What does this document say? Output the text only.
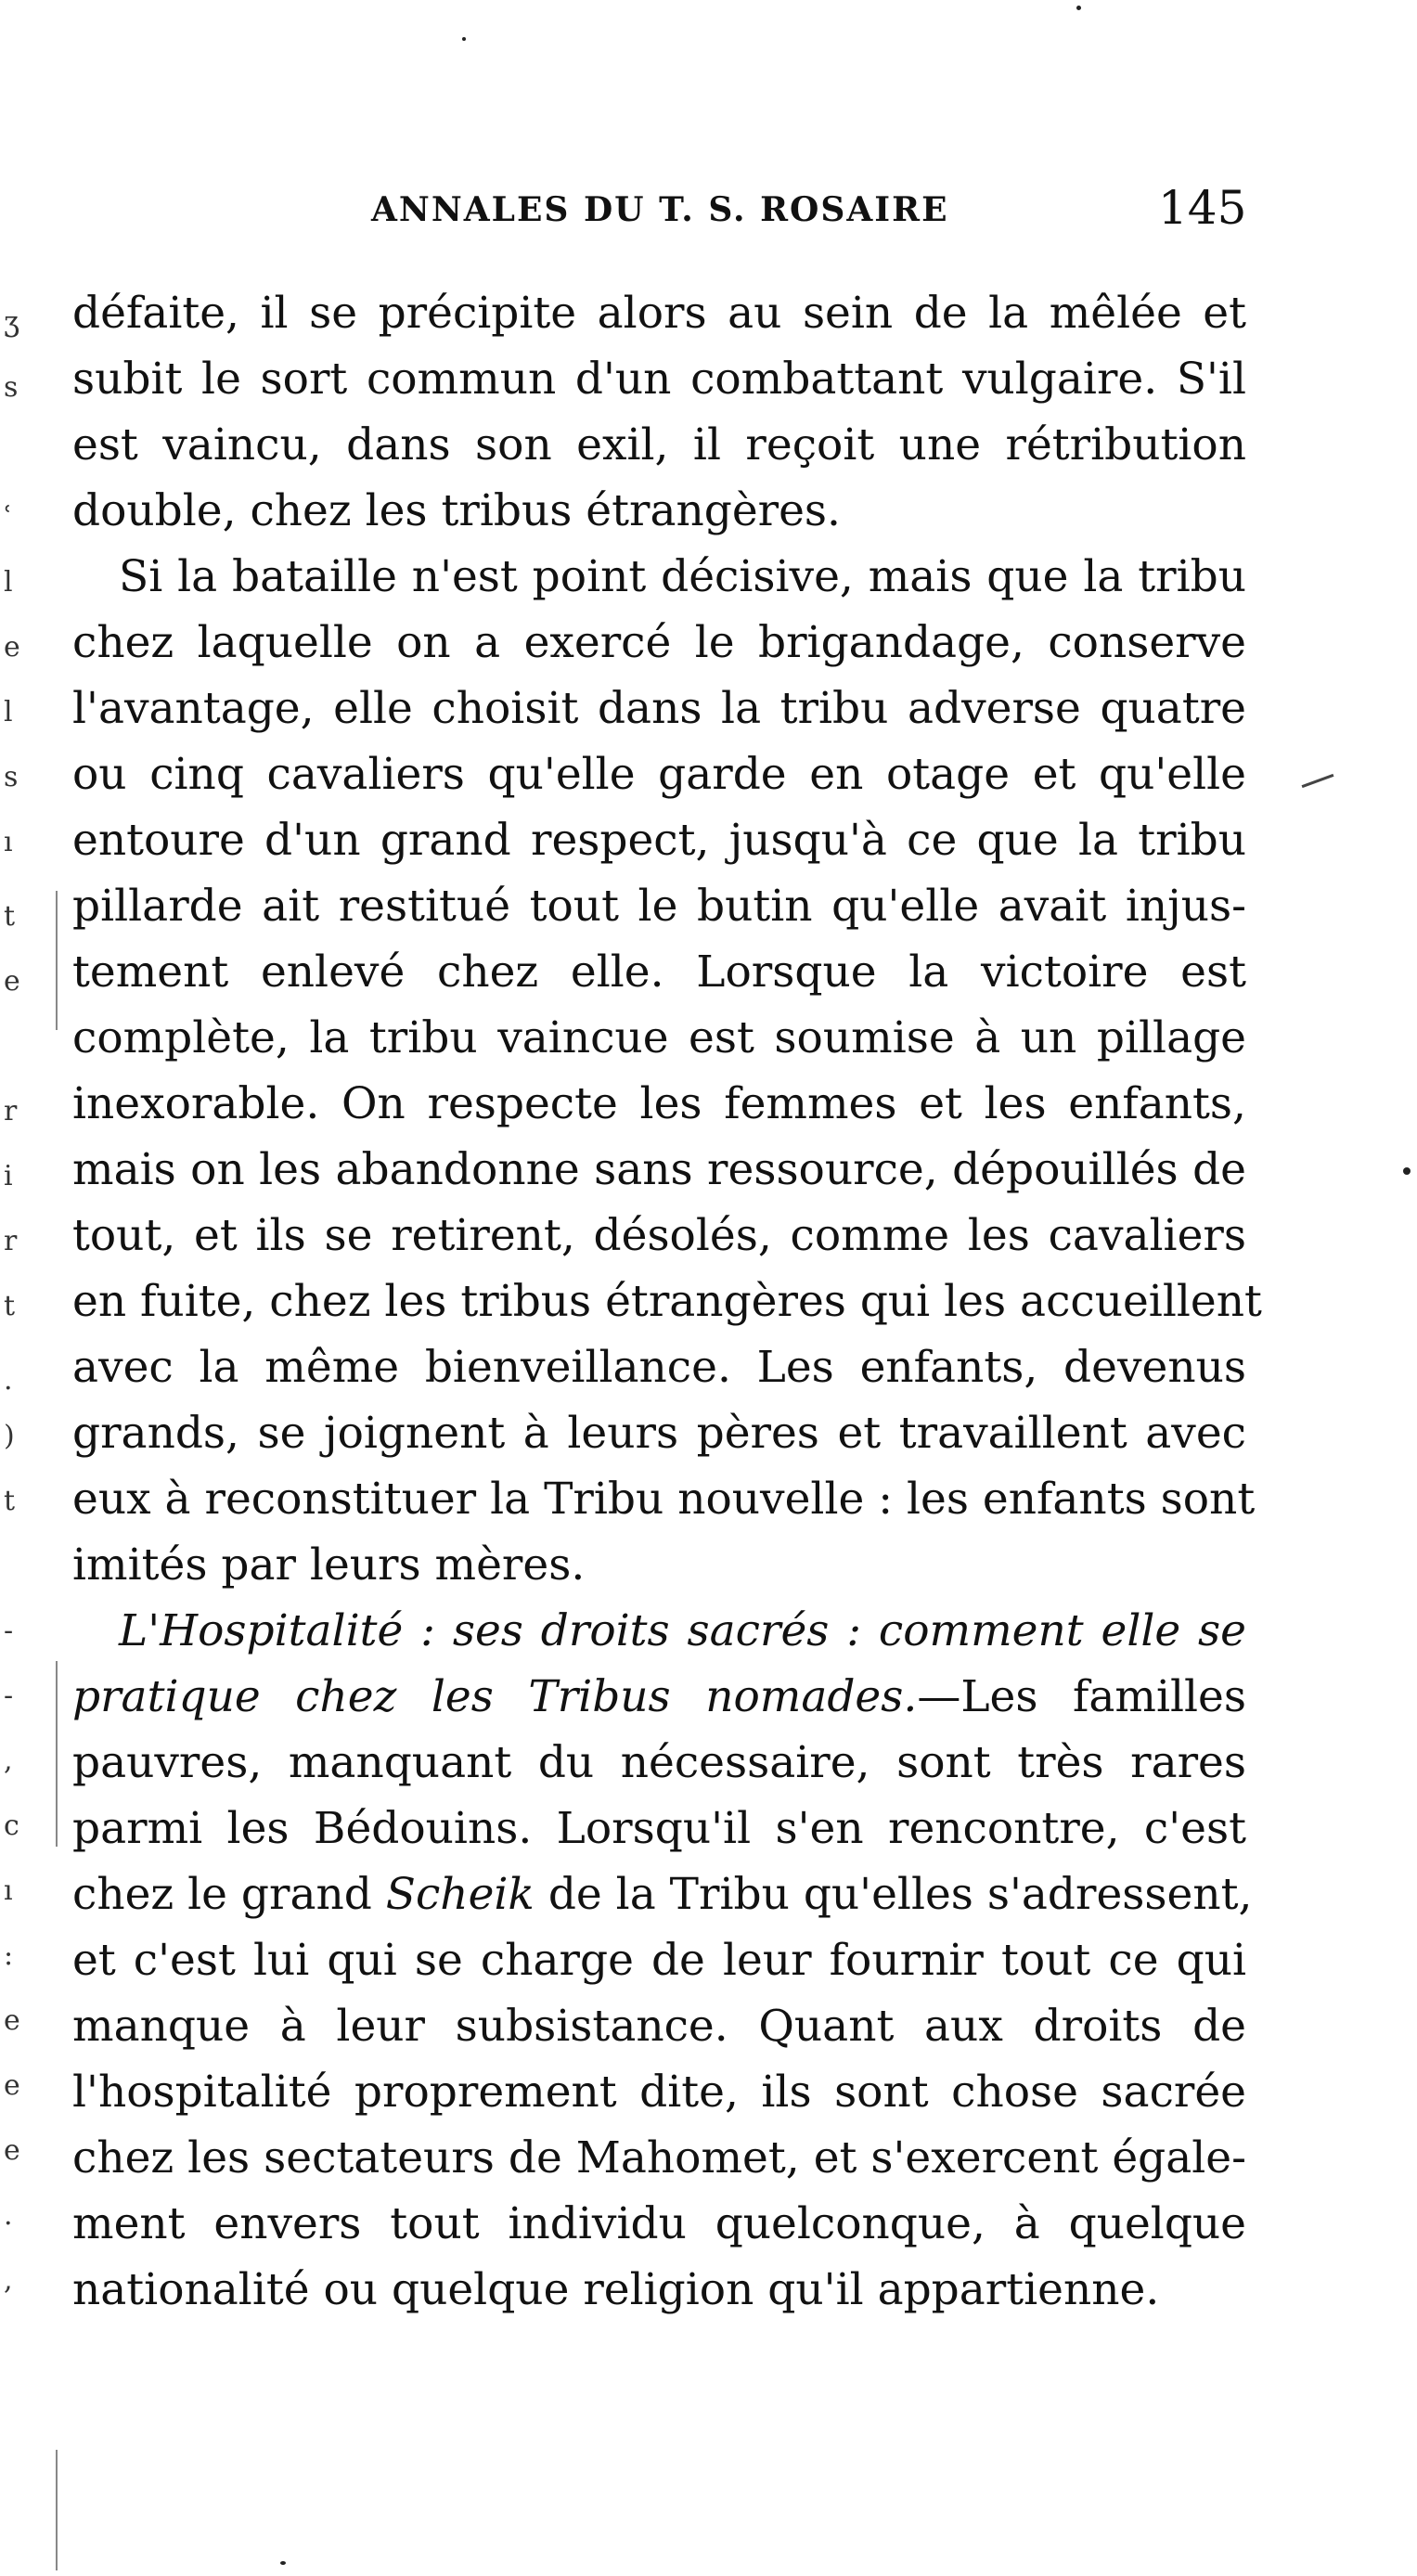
ANNALES DU T. S. ROSAIRE	145
ʒ
s
ʿ
l
e
l
s
ı
t
e
r
i
r
t
.
)
t
-
-
,
c
ı
:
e
e
e
.
,
défaite, il se précipite alors au sein de la mêlée et
subit le sort commun d'un combattant vulgaire. S'il
est vaincu, dans son exil, il reçoit une rétribution
double, chez les tribus étrangères.
Si la bataille n'est point décisive, mais que la tribu
chez laquelle on a exercé le brigandage, conserve
l'avantage, elle choisit dans la tribu adverse quatre
ou cinq cavaliers qu'elle garde en otage et qu'elle
entoure d'un grand respect, jusqu'à ce que la tribu
pillarde ait restitué tout le butin qu'elle avait injus-
tement enlevé chez elle. Lorsque la victoire est
complète, la tribu vaincue est soumise à un pillage
inexorable. On respecte les femmes et les enfants,
mais on les abandonne sans ressource, dépouillés de
tout, et ils se retirent, désolés, comme les cavaliers
en fuite, chez les tribus étrangères qui les accueillent
avec la même bienveillance. Les enfants, devenus
grands, se joignent à leurs pères et travaillent avec
eux à reconstituer la Tribu nouvelle : les enfants sont
imités par leurs mères.
L'Hospitalité : ses droits sacrés : comment elle se
pratique chez les Tribus nomades.—Les familles
pauvres, manquant du nécessaire, sont très rares
parmi les Bédouins. Lorsqu'il s'en rencontre, c'est
chez le grand Scheik de la Tribu qu'elles s'adressent,
et c'est lui qui se charge de leur fournir tout ce qui
manque à leur subsistance. Quant aux droits de
l'hospitalité proprement dite, ils sont chose sacrée
chez les sectateurs de Mahomet, et s'exercent égale-
ment envers tout individu quelconque, à quelque
nationalité ou quelque religion qu'il appartienne.
